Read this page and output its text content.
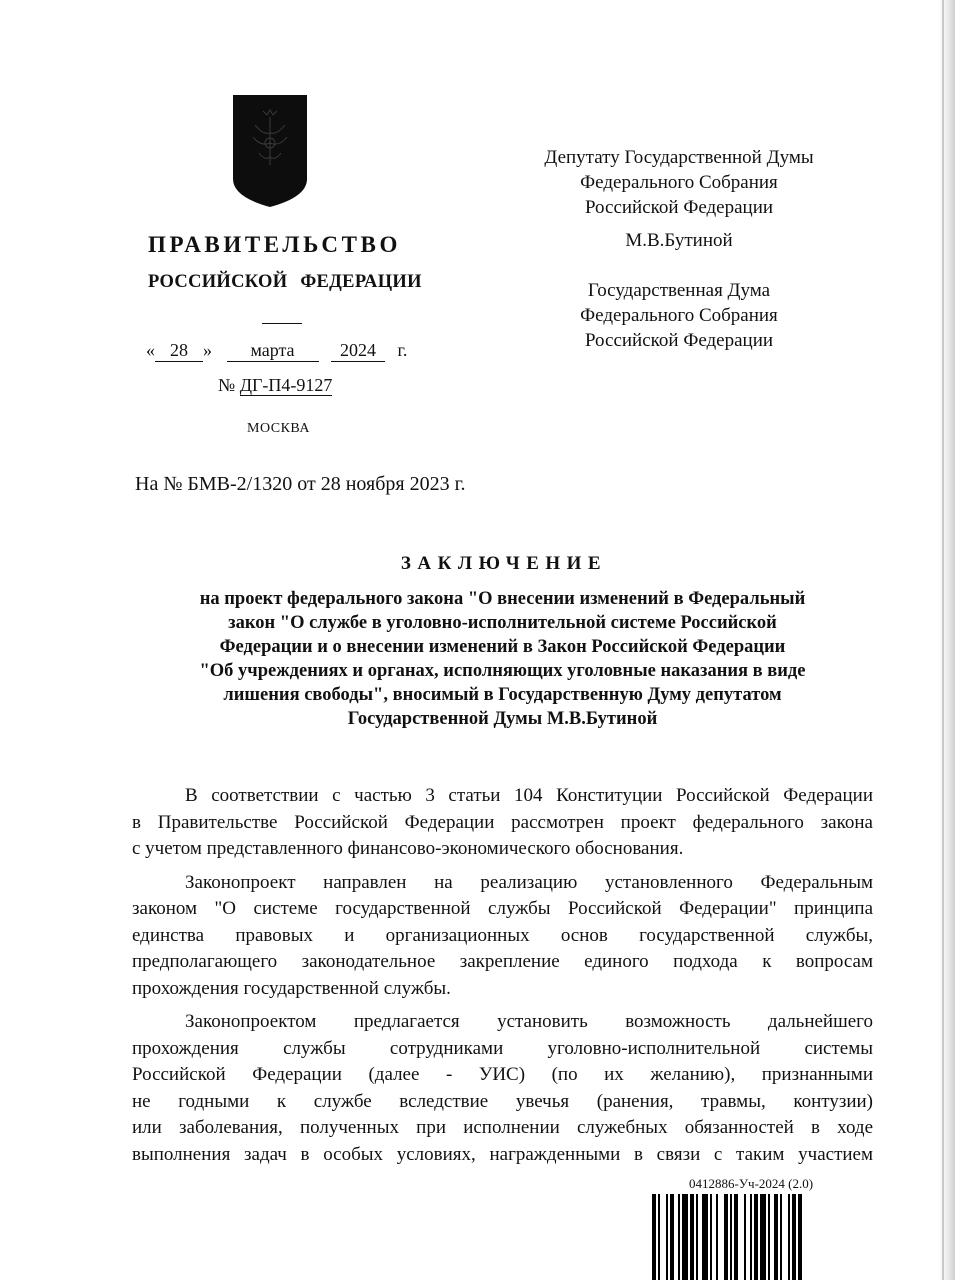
ПРАВИТЕЛЬСТВО
РОССИЙСКОЙ ФЕДЕРАЦИИ
« 28 » марта	2024 г.
№ ДГ-П4-9127
МОСКВА
На № БМВ-2/1320 от 28 ноября 2023 г.
Депутату Государственной Думы
Федерального Собрания
Российской Федерации
М.В.Бутиной
Государственная Дума
Федерального Собрания
Российской Федерации
ЗАКЛЮЧЕНИЕ
на проект федерального закона "О внесении изменений в Федеральный
закон "О службе в уголовно-исполнительной системе Российской
Федерации и о внесении изменений в Закон Российской Федерации
"Об учреждениях и органах, исполняющих уголовные наказания в виде
лишения свободы", вносимый в Государственную Думу депутатом
Государственной Думы М.В.Бутиной
В соответствии с частью 3 статьи 104 Конституции Российской Федерации
в Правительстве Российской Федерации рассмотрен проект федерального закона
с учетом представленного финансово-экономического обоснования.
Законопроект направлен на реализацию установленного Федеральным
законом "О системе государственной службы Российской Федерации" принципа
единства правовых и организационных основ государственной службы,
предполагающего законодательное закрепление единого подхода к вопросам
прохождения государственной службы.
Законопроектом предлагается установить возможность дальнейшего
прохождения службы сотрудниками уголовно-исполнительной системы
Российской Федерации (далее - УИС) (по их желанию), признанными
не годными к службе вследствие увечья (ранения, травмы, контузии)
или заболевания, полученных при исполнении служебных обязанностей в ходе
выполнения задач в особых условиях, награжденными в связи с таким участием
0412886-Уч-2024 (2.0)
